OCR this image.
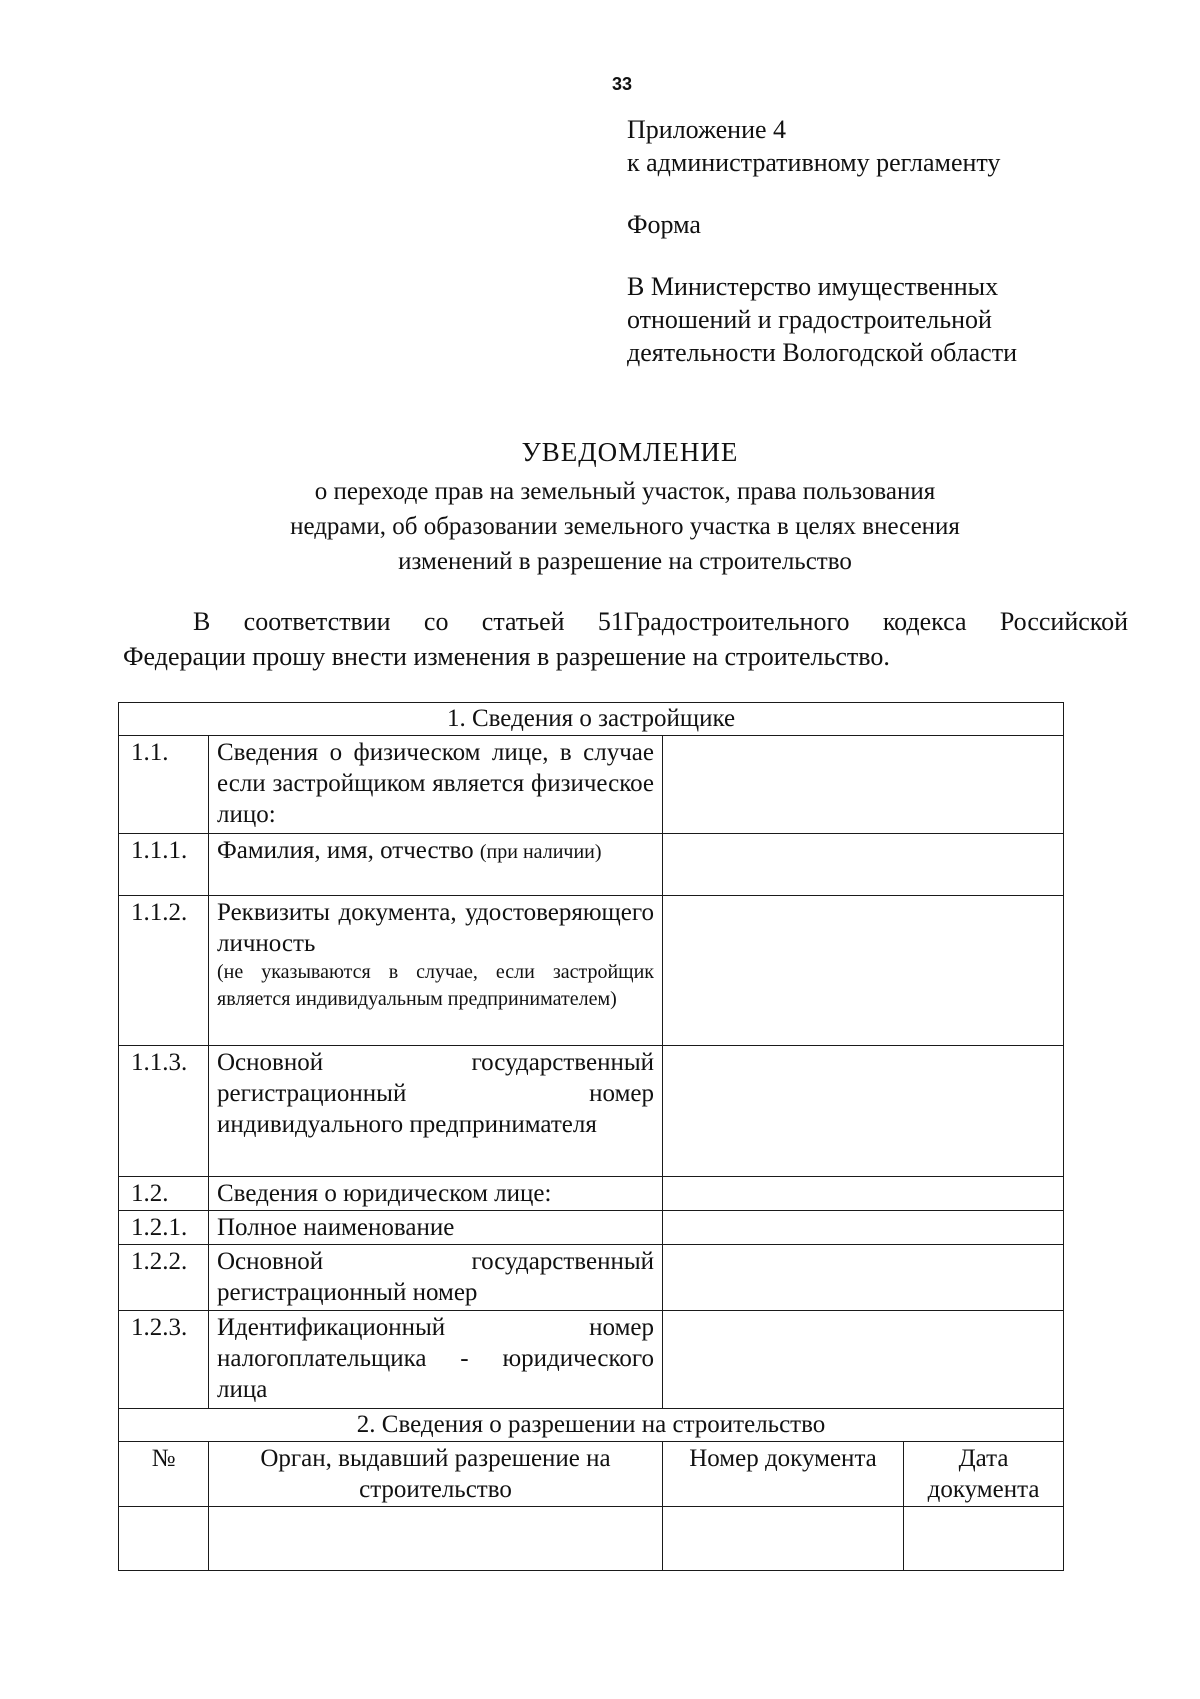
33
Приложение 4
к административному регламенту
Форма
В Министерство имущественных
отношений и градостроительной
деятельности Вологодской области
УВЕДОМЛЕНИЕ
о переходе прав на земельный участок, права пользования
недрами, об образовании земельного участка в целях внесения
изменений в разрешение на строительство
В соответствии со статьей 51Градостроительного кодекса Российской
Федерации прошу внести изменения в разрешение на строительство.
1. Сведения о застройщике			
1.1.	Сведения о физическом лице, в случае если застройщиком является физическое лицо:		
1.1.1.	Фамилия, имя, отчество (при наличии)		
1.1.2.	Реквизиты документа, удостоверяющего личность
(не указываются в случае, если застройщик является индивидуальным предпринимателем)		

1.1.3.	Основной государственный регистрационный номер индивидуального предпринимателя		
1.2.	Сведения о юридическом лице:		
1.2.1.	Полное наименование		
1.2.2.	Основной государственный регистрационный номер		
1.2.3.	Идентификационный номер налогоплательщика - юридического лица		
2. Сведения о разрешении на строительство			
№	Орган, выдавший разрешение на строительство	Номер документа	Дата документа
